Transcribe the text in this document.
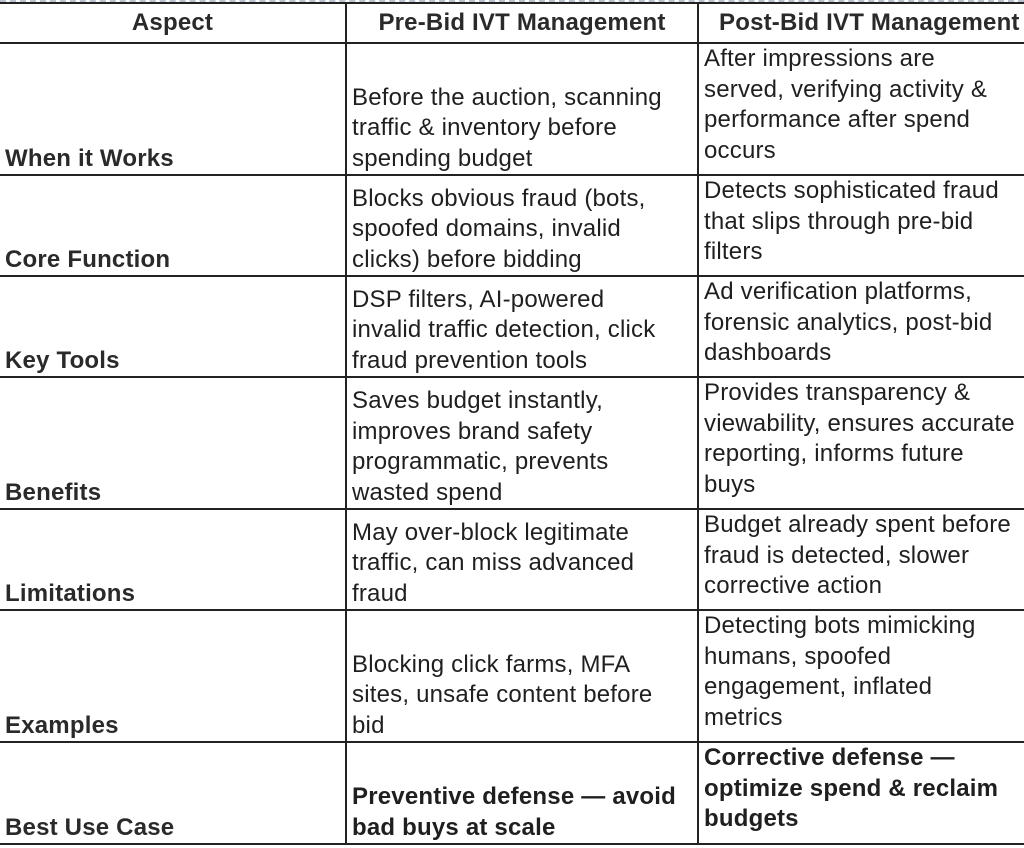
Aspect	Pre-Bid IVT Management	Post-Bid IVT Management
When it Works	Before the auction, scanning
traffic & inventory before
spending budget	After impressions are
served, verifying activity &
performance after spend
occurs

Core Function	Blocks obvious fraud (bots,
spoofed domains, invalid
clicks) before bidding	Detects sophisticated fraud
that slips through pre-bid
filters

Key Tools	DSP filters, AI-powered
invalid traffic detection, click
fraud prevention tools	Ad verification platforms,
forensic analytics, post-bid
dashboards

Benefits	Saves budget instantly,
improves brand safety
programmatic, prevents
wasted spend	Provides transparency &
viewability, ensures accurate
reporting, informs future
buys

Limitations	May over-block legitimate
traffic, can miss advanced
fraud	Budget already spent before
fraud is detected, slower
corrective action

Examples	Blocking click farms, MFA
sites, unsafe content before
bid	Detecting bots mimicking
humans, spoofed
engagement, inflated
metrics

Best Use Case	Preventive defense — avoid
bad buys at scale	Corrective defense —
optimize spend & reclaim
budgets
